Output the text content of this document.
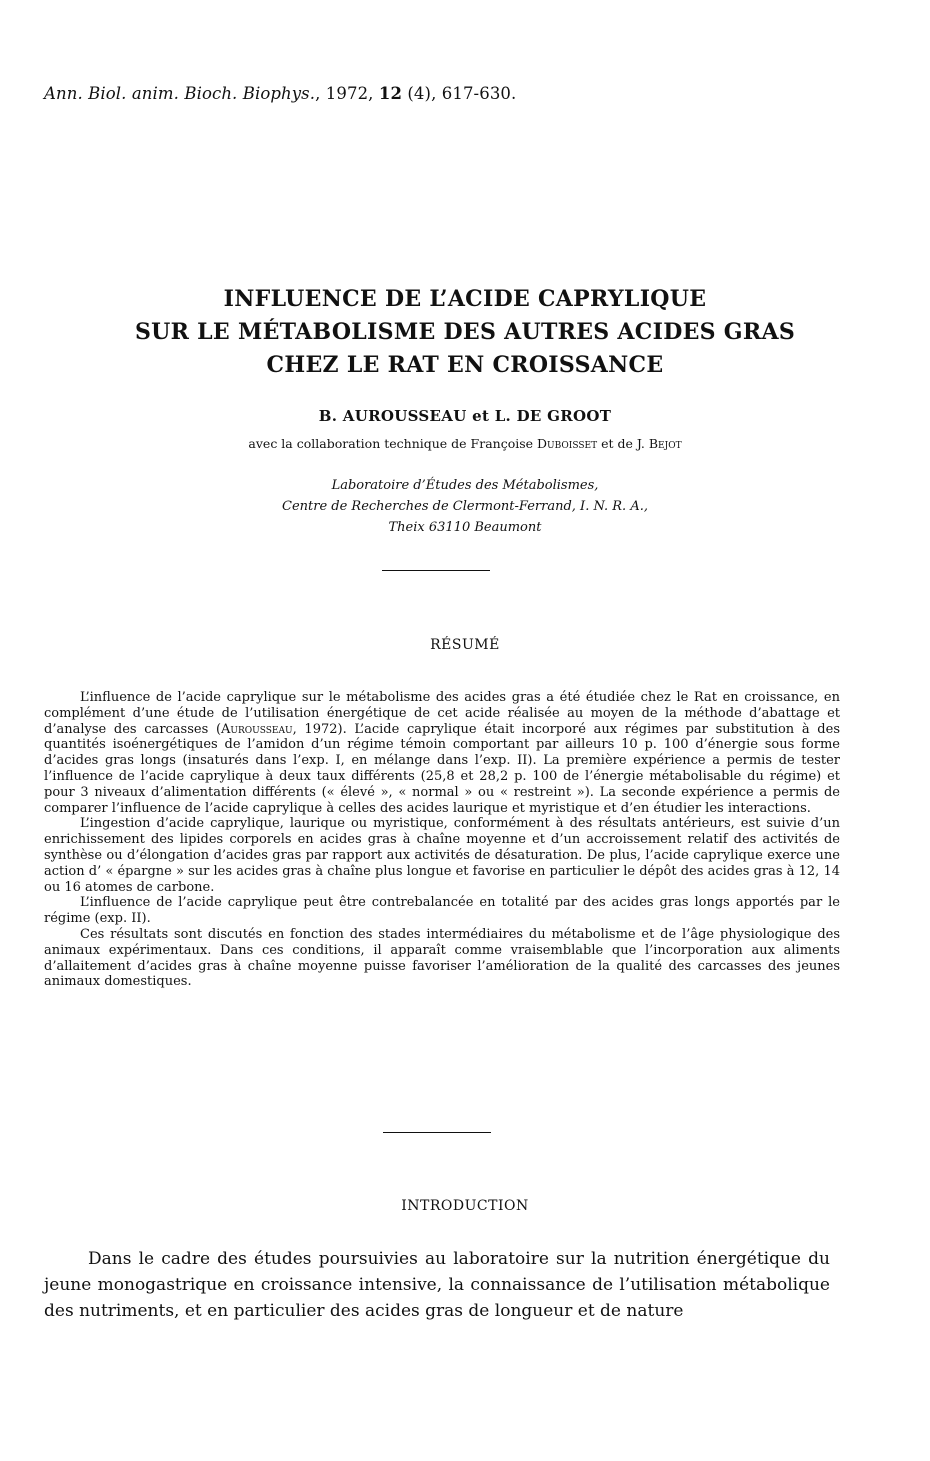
Ann. Biol. anim. Bioch. Biophys., 1972, 12 (4), 617-630.
INFLUENCE DE L’ACIDE CAPRYLIQUE
SUR LE MÉTABOLISME DES AUTRES ACIDES GRAS
CHEZ LE RAT EN CROISSANCE
B. AUROUSSEAU et L. DE GROOT
avec la collaboration technique de Françoise Duboisset et de J. Bejot
Laboratoire d’Études des Métabolismes,
Centre de Recherches de Clermont-Ferrand, I. N. R. A.,
Theix 63110 Beaumont
RÉSUMÉ

L’influence de l’acide caprylique sur le métabolisme des acides gras a été étudiée chez le Rat en croissance, en complément d’une étude de l’utilisation énergétique de cet acide réalisée au moyen de la méthode d’abattage et d’analyse des carcasses (Aurousseau, 1972). L’acide caprylique était incorporé aux régimes par substitution à des quantités isoénergétiques de l’amidon d’un régime témoin comportant par ailleurs 10 p. 100 d’énergie sous forme d’acides gras longs (insaturés dans l’exp. I, en mélange dans l’exp. II). La première expérience a permis de tester l’influence de l’acide caprylique à deux taux différents (25,8 et 28,2 p. 100 de l’énergie métabolisable du régime) et pour 3 niveaux d’alimentation différents (« élevé », « normal » ou « restreint »). La seconde expérience a permis de comparer l’influence de l’acide caprylique à celles des acides laurique et myristique et d’en étudier les interactions.

L’ingestion d’acide caprylique, laurique ou myristique, conformément à des résultats antérieurs, est suivie d’un enrichissement des lipides corporels en acides gras à chaîne moyenne et d’un accroissement relatif des activités de synthèse ou d’élongation d’acides gras par rapport aux activités de désaturation. De plus, l’acide caprylique exerce une action d’ « épargne » sur les acides gras à chaîne plus longue et favorise en particulier le dépôt des acides gras à 12, 14 ou 16 atomes de carbone.

L’influence de l’acide caprylique peut être contrebalancée en totalité par des acides gras longs apportés par le régime (exp. II).

Ces résultats sont discutés en fonction des stades intermédiaires du métabolisme et de l’âge physiologique des animaux expérimentaux. Dans ces conditions, il apparaît comme vraisemblable que l’incorporation aux aliments d’allaitement d’acides gras à chaîne moyenne puisse favoriser l’amélioration de la qualité des carcasses des jeunes animaux domestiques.

INTRODUCTION

Dans le cadre des études poursuivies au laboratoire sur la nutrition énergétique du jeune monogastrique en croissance intensive, la connaissance de l’utilisation métabolique des nutriments, et en particulier des acides gras de longueur et de nature
